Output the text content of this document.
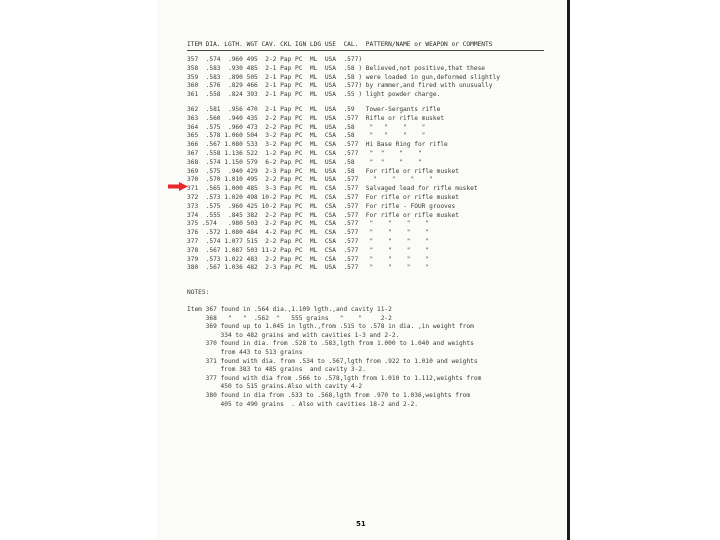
ITEM DIA. LGTH. WGT CAV. CKL IGN LDG USE  CAL.  PATTERN/NAME or WEAPON or COMMENTS
357  .574  .960 495  2-2 Pap PC  ML  USA  .577)
358  .583  .930 485  2-1 Pap PC  ML  USA  .58 ) Believed,not positive,that these
359  .583  .890 505  2-1 Pap PC  ML  USA  .58 ) were loaded in gun,deformed slightly
360  .576  .829 466  2-1 Pap PC  ML  USA  .577) by rammer,and fired with unusually
361  .558  .824 393  2-1 Pap PC  ML  USA  .55 ) light powder charge.
362  .581  .956 470  2-1 Pap PC  ML  USA  .59   Tower-Sergants rifle
363  .560  .940 435  2-2 Pap PC  ML  USA  .577  Rifle or rifle musket
364  .575  .960 473  2-2 Pap PC  ML  USA  .58    "   "    "    "
365  .578 1.060 504  3-2 Pap PC  ML  CSA  .58    "   "    "    "
366  .567 1.080 533  3-2 Pap PC  ML  CSA  .577  Hi Base Ring for rifle
367  .558 1.136 522  1-2 Pap PC  ML  CSA  .577   "  "    "    "
368  .574 1.150 579  6-2 Pap PC  ML  USA  .58    "  "    "    "
369  .575  .940 429  2-3 Pap PC  ML  USA  .58   For rifle or rifle musket
370  .570 1.010 495  2-2 Pap PC  ML  USA  .577    "    "    "    "
371  .565 1.000 485  3-3 Pap PC  ML  CSA  .577  Salvaged lead for rifle musket
372  .573 1.020 498 10-2 Pap PC  ML  CSA  .577  For rifle or rifle musket
373  .575  .960 425 10-2 Pap PC  ML  CSA  .577  For rifle - FOUR grooves
374  .555  .845 382  2-2 Pap PC  ML  CSA  .577  For rifle or rifle musket
375 .574   .980 503  2-2 Pap PC  ML  CSA  .577   "    "    "    "
376  .572 1.080 484  4-2 Pap PC  ML  CSA  .577   "    "    "    "
377  .574 1.077 515  2-2 Pap PC  ML  CSA  .577   "    "    "    "
378  .567 1.087 503 11-2 Pap PC  ML  CSA  .577   "    "    "    "
379  .573 1.022 483  2-2 Pap PC  ML  CSA  .577   "    "    "    "
380  .567 1.036 482  2-3 Pap PC  ML  USA  .577   "    "    "    "
NOTES:
Item 367 found in .564 dia.,1.109 lgth.,and cavity 11-2
368   "   "  .562  "   555 grains   "    "     2-2
369 found up to 1.045 in lgth.,from .515 to .578 in dia. ,in weight from
334 to 482 grains and with cavities 1-3 and 2-2.
370 found in dia. from .528 to .583,lgth from 1.000 to 1.040 and weights
from 443 to 513 grains
371 found with dia. from .534 to .567,lgth from .922 to 1.010 and weights
from 383 to 485 grains  and cavity 3-2.
377 found with dia from .566 to .578,lgth from 1.010 to 1.112,weights from
450 to 515 grains.Also with cavity 4-2
380 found in dia from .533 to .568,lgth from .970 to 1.036,weights from
405 to 490 grains  . Also with cavities 18-2 and 2-2.
51
